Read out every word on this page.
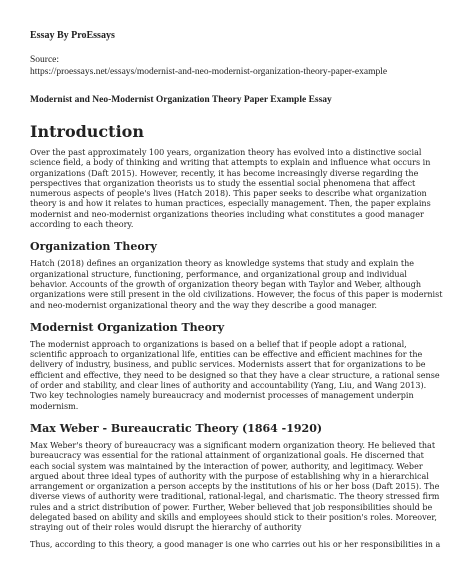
Essay By ProEssays

Source:

https://proessays.net/essays/modernist-and-neo-modernist-organization-theory-paper-example

Modernist and Neo-Modernist Organization Theory Paper Example Essay

Introduction

Over the past approximately 100 years, organization theory has evolved into a distinctive social science field, a body of thinking and writing that attempts to explain and influence what occurs in organizations (Daft 2015). However, recently, it has become increasingly diverse regarding the perspectives that organization theorists us to study the essential social phenomena that affect numerous aspects of people's lives (Hatch 2018). This paper seeks to describe what organization theory is and how it relates to human practices, especially management. Then, the paper explains modernist and neo-modernist organizations theories including what constitutes a good manager according to each theory.

Organization Theory

Hatch (2018) defines an organization theory as knowledge systems that study and explain the organizational structure, functioning, performance, and organizational group and individual behavior. Accounts of the growth of organization theory began with Taylor and Weber, although organizations were still present in the old civilizations. However, the focus of this paper is modernist and neo-modernist organizational theory and the way they describe a good manager.

Modernist Organization Theory

The modernist approach to organizations is based on a belief that if people adopt a rational, scientific approach to organizational life, entities can be effective and efficient machines for the delivery of industry, business, and public services. Modernists assert that for organizations to be efficient and effective, they need to be designed so that they have a clear structure, a rational sense of order and stability, and clear lines of authority and accountability (Yang, Liu, and Wang 2013). Two key technologies namely bureaucracy and modernist processes of management underpin modernism.

Max Weber - Bureaucratic Theory (1864 -1920)

Max Weber's theory of bureaucracy was a significant modern organization theory. He believed that bureaucracy was essential for the rational attainment of organizational goals. He discerned that each social system was maintained by the interaction of power, authority, and legitimacy. Weber argued about three ideal types of authority with the purpose of establishing why in a hierarchical arrangement or organization a person accepts by the institutions of his or her boss (Daft 2015). The diverse views of authority were traditional, rational-legal, and charismatic. The theory stressed firm rules and a strict distribution of power. Further, Weber believed that job responsibilities should be delegated based on ability and skills and employees should stick to their position's roles. Moreover, straying out of their roles would disrupt the hierarchy of authority

Thus, according to this theory, a good manager is one who carries out his or her responsibilities in a
